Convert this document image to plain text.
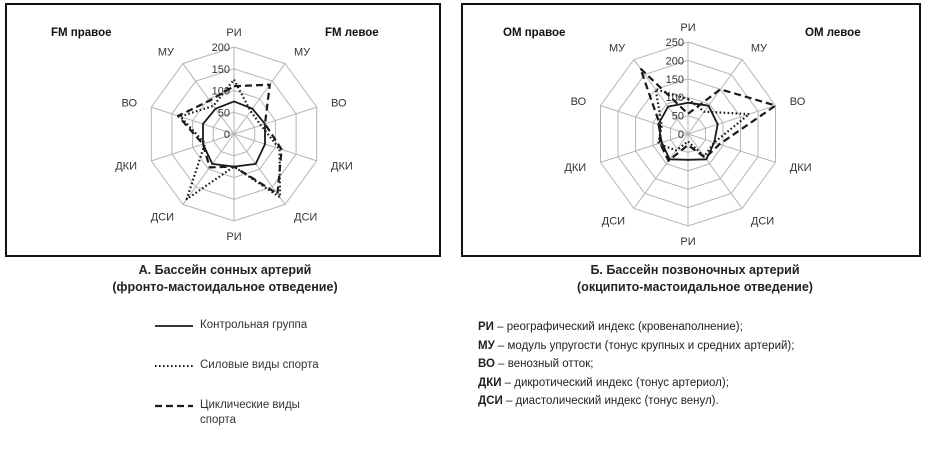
0
50
100
150
200
РИ
МУ
ВО
ДКИ
ДСИ
РИ
ДСИ
ДКИ
ВО
МУ
FM правое	FM левое
0
50
100
150
200
250
РИ
МУ
ВО
ДКИ
ДСИ
РИ
ДСИ
ДКИ
ВО
МУ
ОМ правое	ОМ левое
А. Бассейн сонных артерий
(фронто-мастоидальное отведение)
Б. Бассейн позвоночных артерий
(окципито-мастоидальное отведение)
Контрольная группа
Силовые виды спорта
Циклические виды спорта
РИ – реографический индекс (кровенаполнение);
МУ – модуль упругости (тонус крупных и средних артерий);
ВО – венозный отток;
ДКИ – дикротический индекс (тонус артериол);
ДСИ – диастолический индекс (тонус венул).
